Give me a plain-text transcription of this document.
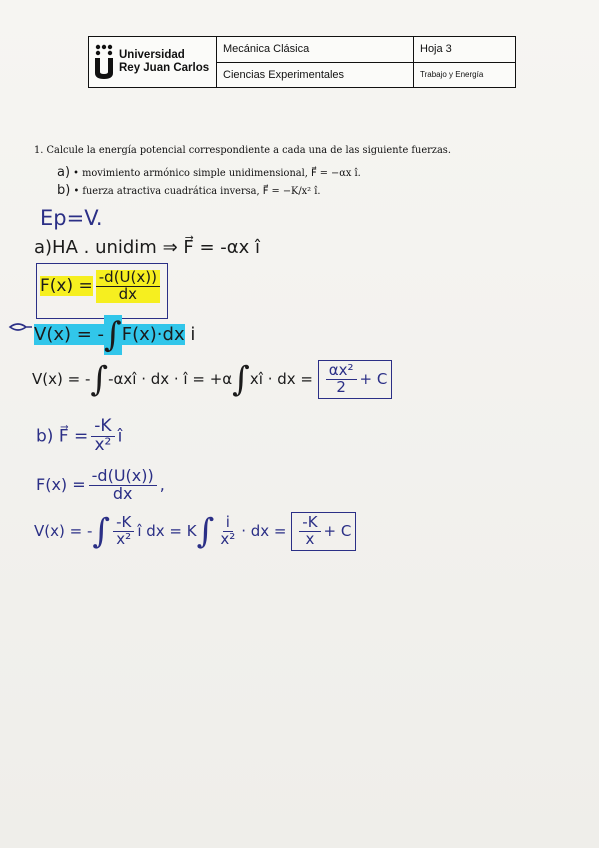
Universidad
Rey Juan Carlos
Mecánica Clásica
Ciencias Experimentales
Hoja 3
Trabajo y Energía
1. Calcule la energía potencial correspondiente a cada una de las siguiente fuerzas.
a) • movimiento armónico simple unidimensional, F⃗ = −αx î.
b) • fuerza atractiva cuadrática inversa, F⃗ = −K/x² î.
Ep=V.
a)HA . unidim ⇒ F⃗ = -αx î
$F(x) = \frac{-d(U(x))}{dx}$
V(x) = -∫F(x)·dx i
V(x) = -∫-αxî · dx · î = +α∫xî · dx = $\frac{\text{αx²}}{2} + C$
b) F⃗ = $\frac{-K}{\text{x²}}$ î
$F(x) = \frac{-d(U(x))}{dx}$ ,
V(x) = -∫ $\frac{-K}{\text{x²}}$ î dx = $K\int \frac{i}{\text{x²}}$ · dx = $\frac{-K}{x} + C$
